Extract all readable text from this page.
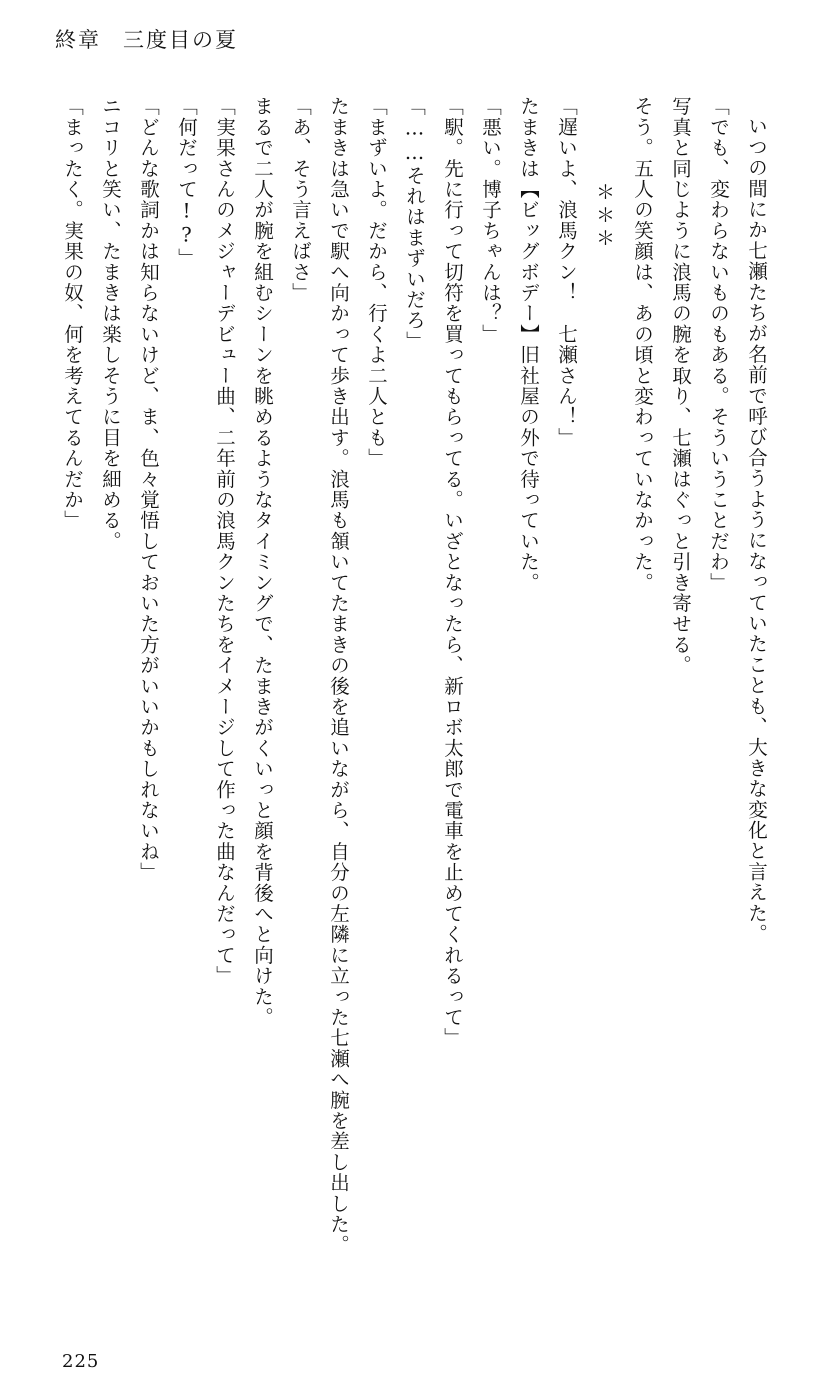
終章 三度目の夏

いつの間にか七瀬たちが名前で呼び合うようになっていたことも、大きな変化と言えた。

「でも、変わらないものもある。そういうことだわ」

写真と同じように浪馬の腕を取り、七瀬はぐっと引き寄せる。

そう。五人の笑顔は、あの頃と変わっていなかった。

＊＊＊

「遅いよ、浪馬クン！　七瀬さん！」

たまきは【ビッグボデー】旧社屋の外で待っていた。

「悪い。博子ちゃんは？」

「駅。先に行って切符を買ってもらってる。いざとなったら、新ロボ太郎で電車を止めてくれるって」

「……それはまずいだろ」

「まずいよ。だから、行くよ二人とも」

たまきは急いで駅へ向かって歩き出す。浪馬も頷いてたまきの後を追いながら、自分の左隣に立った七瀬へ腕を差し出した。

「あ、そう言えばさ」

まるで二人が腕を組むシーンを眺めるようなタイミングで、たまきがくいっと顔を背後へと向けた。

「実果さんのメジャーデビュー曲、二年前の浪馬クンたちをイメージして作った曲なんだって」

「何だって!?」

「どんな歌詞かは知らないけど、ま、色々覚悟しておいた方がいいかもしれないね」

ニコリと笑い、たまきは楽しそうに目を細める。

「まったく。実果の奴、何を考えてるんだか」

225
